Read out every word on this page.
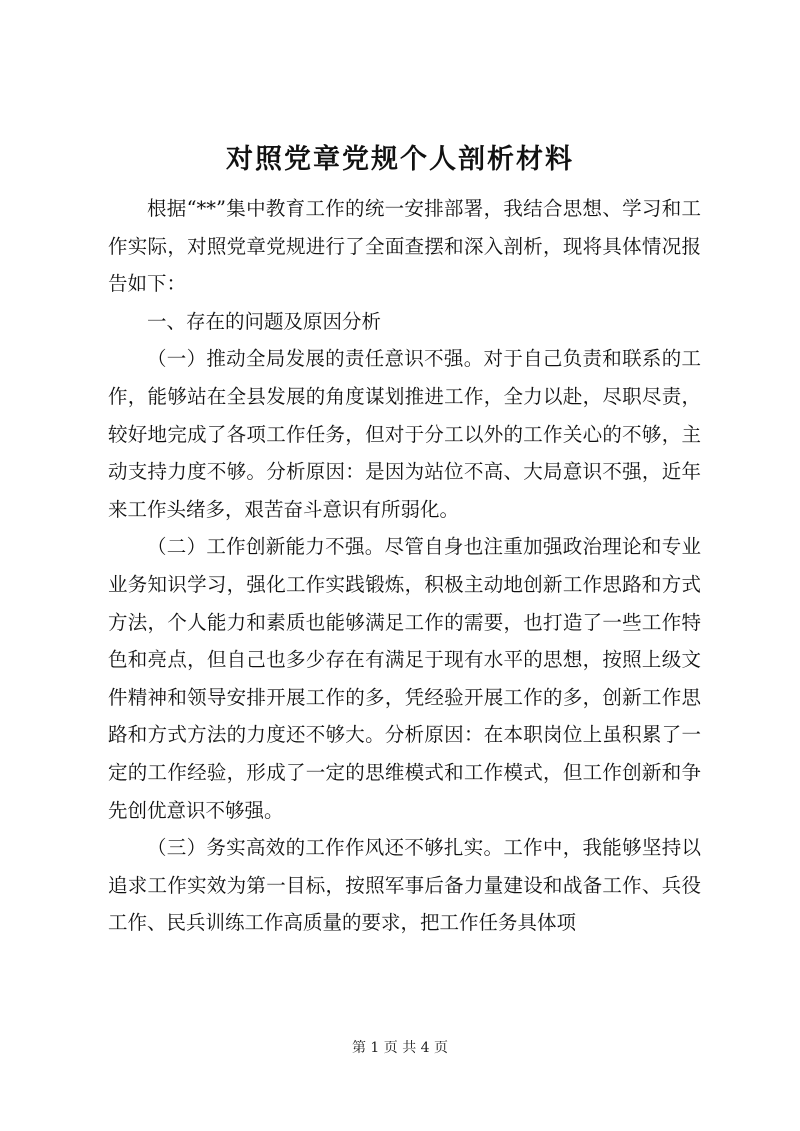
对照党章党规个人剖析材料

根据“**”集中教育工作的统一安排部署，我结合思想、学习和工作实际，对照党章党规进行了全面查摆和深入剖析，现将具体情况报告如下：

一、存在的问题及原因分析

（一）推动全局发展的责任意识不强。对于自己负责和联系的工作，能够站在全县发展的角度谋划推进工作，全力以赴，尽职尽责，较好地完成了各项工作任务，但对于分工以外的工作关心的不够，主动支持力度不够。分析原因：是因为站位不高、大局意识不强，近年来工作头绪多，艰苦奋斗意识有所弱化。

（二）工作创新能力不强。尽管自身也注重加强政治理论和专业业务知识学习，强化工作实践锻炼，积极主动地创新工作思路和方式方法，个人能力和素质也能够满足工作的需要，也打造了一些工作特色和亮点，但自己也多少存在有满足于现有水平的思想，按照上级文件精神和领导安排开展工作的多，凭经验开展工作的多，创新工作思路和方式方法的力度还不够大。分析原因：在本职岗位上虽积累了一定的工作经验，形成了一定的思维模式和工作模式，但工作创新和争先创优意识不够强。

（三）务实高效的工作作风还不够扎实。工作中，我能够坚持以追求工作实效为第一目标，按照军事后备力量建设和战备工作、兵役工作、民兵训练工作高质量的要求，把工作任务具体项

第 1 页 共 4 页
